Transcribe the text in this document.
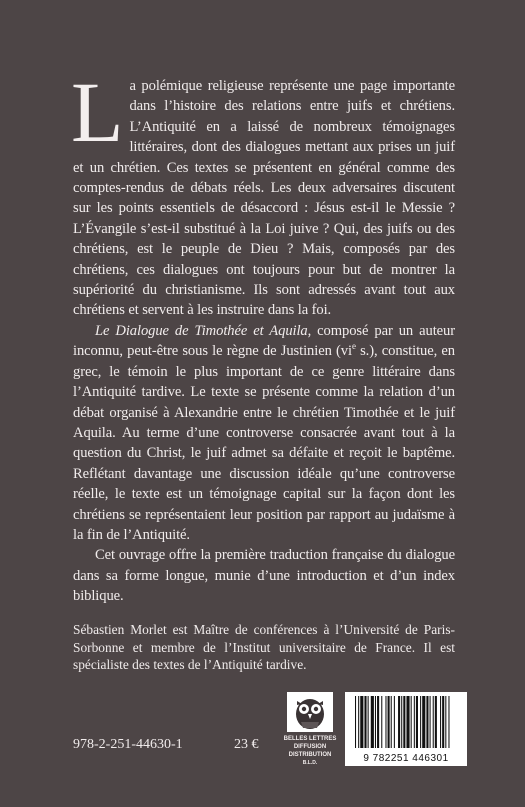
La polémique religieuse représente une page importante dans l’histoire des relations entre juifs et chrétiens. L’Antiquité en a laissé de nombreux témoignages littéraires, dont des dialogues mettant aux prises un juif et un chrétien. Ces textes se présentent en général comme des comptes-rendus de débats réels. Les deux adversaires discutent sur les points essentiels de désaccord : Jésus est-il le Messie ? L’Évangile s’est-il substitué à la Loi juive ? Qui, des juifs ou des chrétiens, est le peuple de Dieu ? Mais, composés par des chrétiens, ces dialogues ont toujours pour but de montrer la supériorité du christianisme. Ils sont adressés avant tout aux chrétiens et servent à les instruire dans la foi.

Le Dialogue de Timothée et Aquila, composé par un auteur inconnu, peut-être sous le règne de Justinien ($vi^e$ s.), constitue, en grec, le témoin le plus important de ce genre littéraire dans l’Antiquité tardive. Le texte se présente comme la relation d’un débat organisé à Alexandrie entre le chrétien Timothée et le juif Aquila. Au terme d’une controverse consacrée avant tout à la question du Christ, le juif admet sa défaite et reçoit le baptême. Reflétant davantage une discussion idéale qu’une controverse réelle, le texte est un témoignage capital sur la façon dont les chrétiens se représentaient leur position par rapport au judaïsme à la fin de l’Antiquité.

Cet ouvrage offre la première traduction française du dialogue dans sa forme longue, munie d’une introduction et d’un index biblique.

Sébastien Morlet est Maître de conférences à l’Université de Paris-Sorbonne et membre de l’Institut universitaire de France. Il est spécialiste des textes de l’Antiquité tardive.

978-2-251-44630-1	23 €	BELLES LETTRES
DIFFUSION
DISTRIBUTION
B.L.D.	9 782251 446301
